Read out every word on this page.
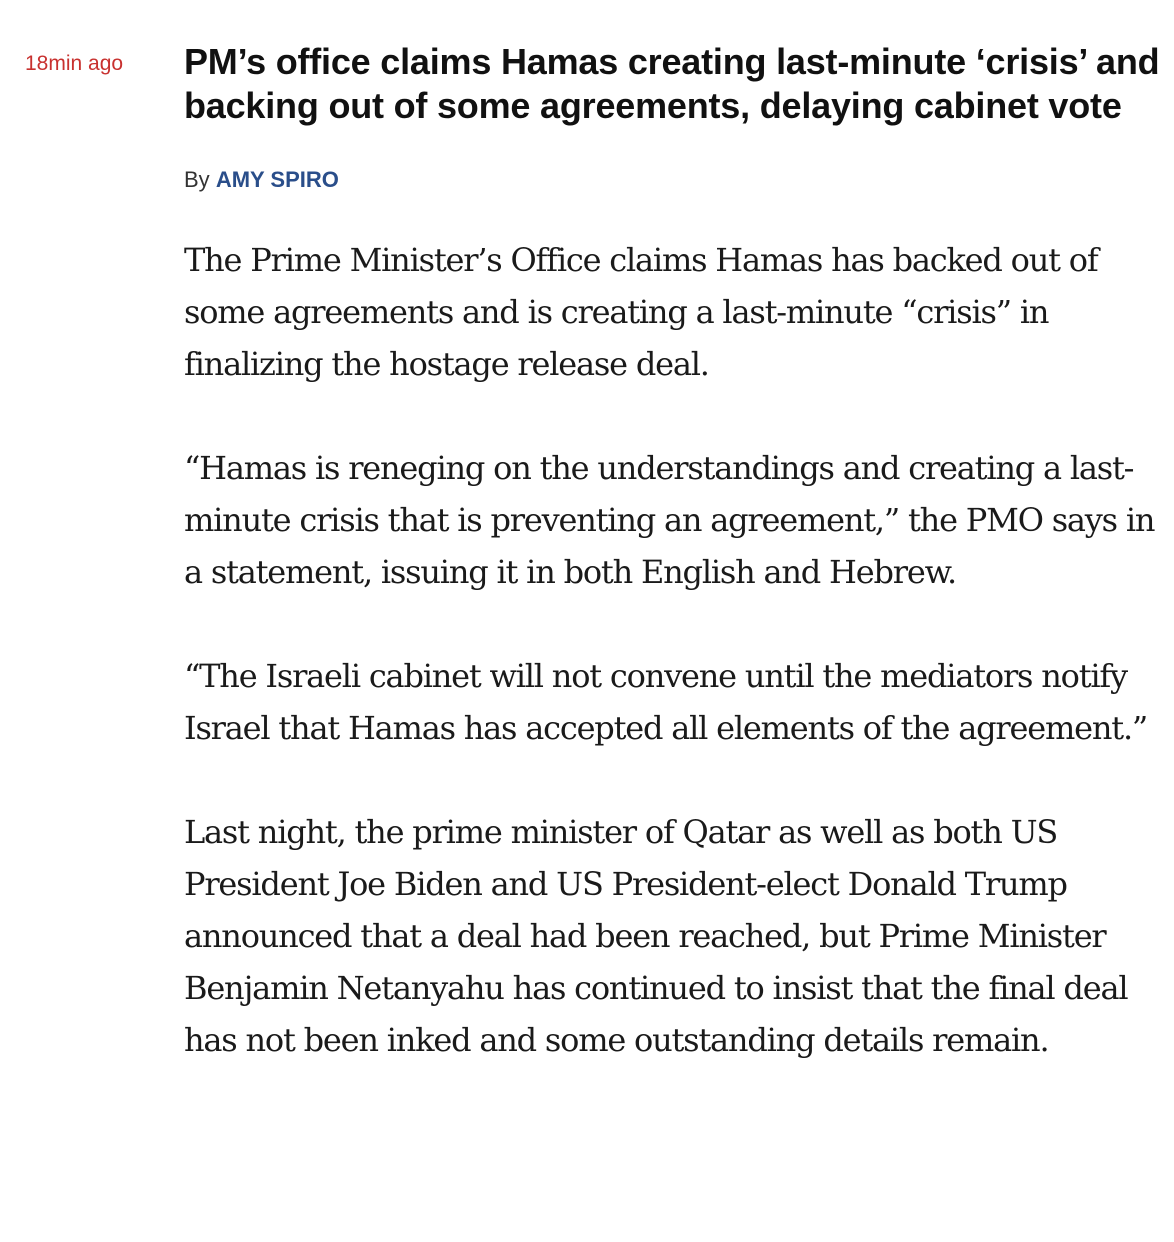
18min ago PM’s office claims Hamas creating last-minute ‘crisis’ and backing out of some agreements, delaying cabinet vote
By AMY SPIRO

The Prime Minister’s Office claims Hamas has backed out of some agreements and is creating a last-minute “crisis” in finalizing the hostage release deal.

“Hamas is reneging on the understandings and creating a last-minute crisis that is preventing an agreement,” the PMO says in a statement, issuing it in both English and Hebrew.

“The Israeli cabinet will not convene until the mediators notify Israel that Hamas has accepted all elements of the agreement.”

Last night, the prime minister of Qatar as well as both US President Joe Biden and US President-elect Donald Trump announced that a deal had been reached, but Prime Minister Benjamin Netanyahu has continued to insist that the final deal has not been inked and some outstanding details remain.
